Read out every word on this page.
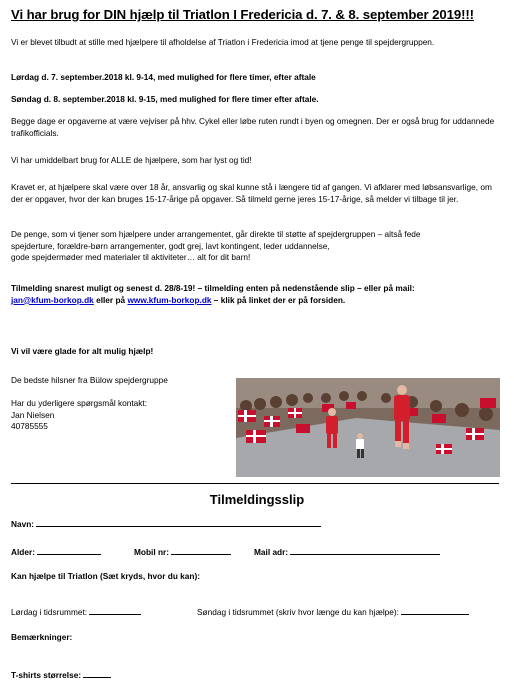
Vi har brug for DIN hjælp til Triatlon I Fredericia d. 7. & 8. september 2019!!!
Vi er blevet tilbudt at stille med hjælpere til afholdelse af Triatlon i Fredericia imod at tjene penge til spejdergruppen.
Lørdag d. 7. september.2018 kl. 9-14, med mulighed for flere timer, efter aftale
Søndag d. 8. september.2018 kl. 9-15, med mulighed for flere timer efter aftale.
Begge dage er opgaverne at være vejviser på hhv. Cykel eller løbe ruten rundt i byen og omegnen. Der er også brug for uddannede trafikofficials.
Vi har umiddelbart brug for ALLE de hjælpere, som har lyst og tid!
Kravet er, at hjælpere skal være over 18 år, ansvarlig og skal kunne stå i længere tid af gangen. Vi afklarer med løbsansvarlige, om der er opgaver, hvor der kan bruges 15-17-årige på opgaver. Så tilmeld gerne jeres 15-17-årige, så melder vi tilbage til jer.
De penge, som vi tjener som hjælpere under arrangementet, går direkte til støtte af spejdergruppen – altså fede
spejderture, forældre-børn arrangementer, godt grej, lavt kontingent, leder uddannelse,
gode spejdermøder med materialer til aktiviteter… alt for dit barn!
Tilmelding snarest muligt og senest d. 28/8-19! – tilmelding enten på nedenstående slip – eller på mail:
jan@kfum-borkop.dk eller på www.kfum-borkop.dk – klik på linket der er på forsiden.
Vi vil være glade for alt mulig hjælp!
De bedste hilsner fra Bülow spejdergruppe
Har du yderligere spørgsmål kontakt:
Jan Nielsen
40785555
Tilmeldingsslip
Navn:
Alder:	Mobil nr:	Mail adr:
Kan hjælpe til Triatlon (Sæt kryds, hvor du kan):
Lørdag i tidsrummet:	Søndag i tidsrummet (skriv hvor længe du kan hjælpe):
Bemærkninger:
T-shirts størrelse:
